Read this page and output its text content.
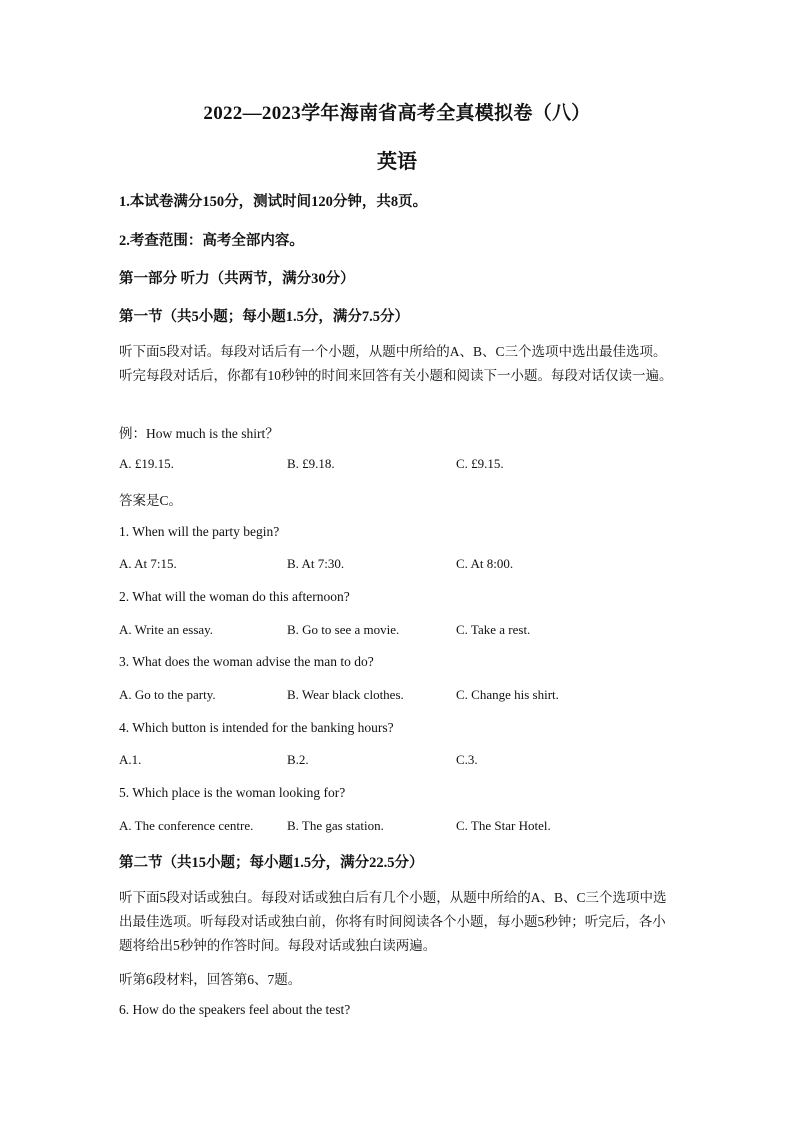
2022—2023学年海南省高考全真模拟卷（八）
英语
1.本试卷满分150分，测试时间120分钟，共8页。
2.考查范围：高考全部内容。
第一部分 听力（共两节，满分30分）
第一节（共5小题；每小题1.5分，满分7.5分）
听下面5段对话。每段对话后有一个小题，从题中所给的A、B、C三个选项中选出最佳选项。听完每段对话后，你都有10秒钟的时间来回答有关小题和阅读下一小题。每段对话仅读一遍。
例：How much is the shirt？
A. £19.15.	B. £9.18.	C. £9.15.
答案是C。
1. When will the party begin?
A. At 7:15.	B. At 7:30.	C. At 8:00.
2. What will the woman do this afternoon?
A. Write an essay.	B. Go to see a movie.	C. Take a rest.
3. What does the woman advise the man to do?
A. Go to the party.	B. Wear black clothes.	C. Change his shirt.
4. Which button is intended for the banking hours?
A.1.	B.2.	C.3.
5. Which place is the woman looking for?
A. The conference centre.	B. The gas station.	C. The Star Hotel.
第二节（共15小题；每小题1.5分，满分22.5分）
听下面5段对话或独白。每段对话或独白后有几个小题，从题中所给的A、B、C三个选项中选出最佳选项。听每段对话或独白前，你将有时间阅读各个小题，每小题5秒钟；听完后，各小题将给出5秒钟的作答时间。每段对话或独白读两遍。
听第6段材料，回答第6、7题。
6. How do the speakers feel about the test?
